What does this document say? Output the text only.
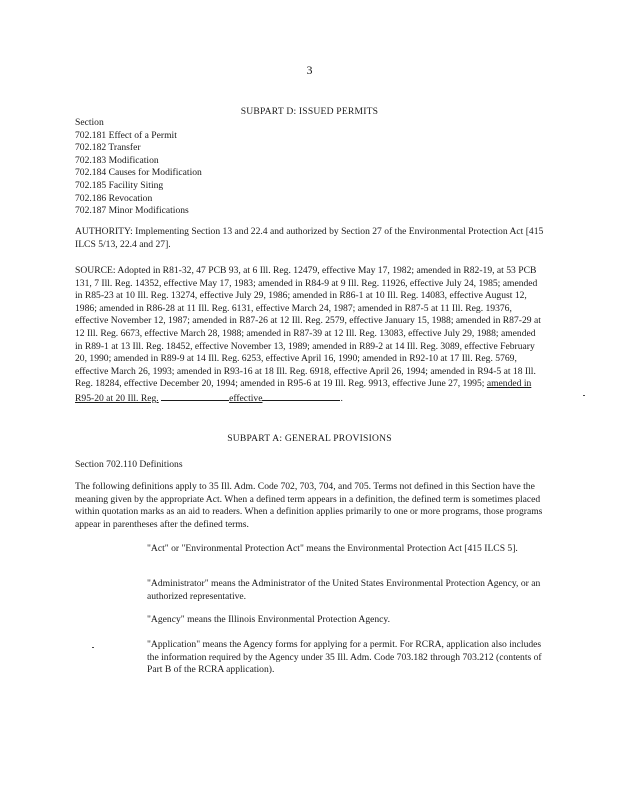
3
SUBPART D: ISSUED PERMITS
Section
702.181 Effect of a Permit
702.182 Transfer
702.183 Modification
702.184 Causes for Modification
702.185 Facility Siting
702.186 Revocation
702.187 Minor Modifications

AUTHORITY: Implementing Section 13 and 22.4 and authorized by Section 27 of the Environmental Protection Act [415 ILCS 5/13, 22.4 and 27].

SOURCE: Adopted in R81-32, 47 PCB 93, at 6 Ill. Reg. 12479, effective May 17, 1982; amended in R82-19, at 53 PCB 131, 7 Ill. Reg. 14352, effective May 17, 1983; amended in R84-9 at 9 Ill. Reg. 11926, effective July 24, 1985; amended in R85-23 at 10 Ill. Reg. 13274, effective July 29, 1986; amended in R86-1 at 10 Ill. Reg. 14083, effective August 12, 1986; amended in R86-28 at 11 Ill. Reg. 6131, effective March 24, 1987; amended in R87-5 at 11 Ill. Reg. 19376, effective November 12, 1987; amended in R87-26 at 12 Ill. Reg. 2579, effective January 15, 1988; amended in R87-29 at 12 Ill. Reg. 6673, effective March 28, 1988; amended in R87-39 at 12 Ill. Reg. 13083, effective July 29, 1988; amended in R89-1 at 13 Ill. Reg. 18452, effective November 13, 1989; amended in R89-2 at 14 Ill. Reg. 3089, effective February 20, 1990; amended in R89-9 at 14 Ill. Reg. 6253, effective April 16, 1990; amended in R92-10 at 17 Ill. Reg. 5769, effective March 26, 1993; amended in R93-16 at 18 Ill. Reg. 6918, effective April 26, 1994; amended in R94-5 at 18 Ill. Reg. 18284, effective December 20, 1994; amended in R95-6 at 19 Ill. Reg. 9913, effective June 27, 1995; amended in R95-20 at 20 Ill. Reg.	effective	.

SUBPART A: GENERAL PROVISIONS
Section 702.110 Definitions

The following definitions apply to 35 Ill. Adm. Code 702, 703, 704, and 705. Terms not defined in this Section have the meaning given by the appropriate Act. When a defined term appears in a definition, the defined term is sometimes placed within quotation marks as an aid to readers. When a definition applies primarily to one or more programs, those programs appear in parentheses after the defined terms.

"Act" or "Environmental Protection Act" means the Environmental Protection Act [415 ILCS 5].

"Administrator" means the Administrator of the United States Environmental Protection Agency, or an authorized representative.

"Agency" means the Illinois Environmental Protection Agency.

"Application" means the Agency forms for applying for a permit. For RCRA, application also includes the information required by the Agency under 35 Ill. Adm. Code 703.182 through 703.212 (contents of Part B of the RCRA application).
